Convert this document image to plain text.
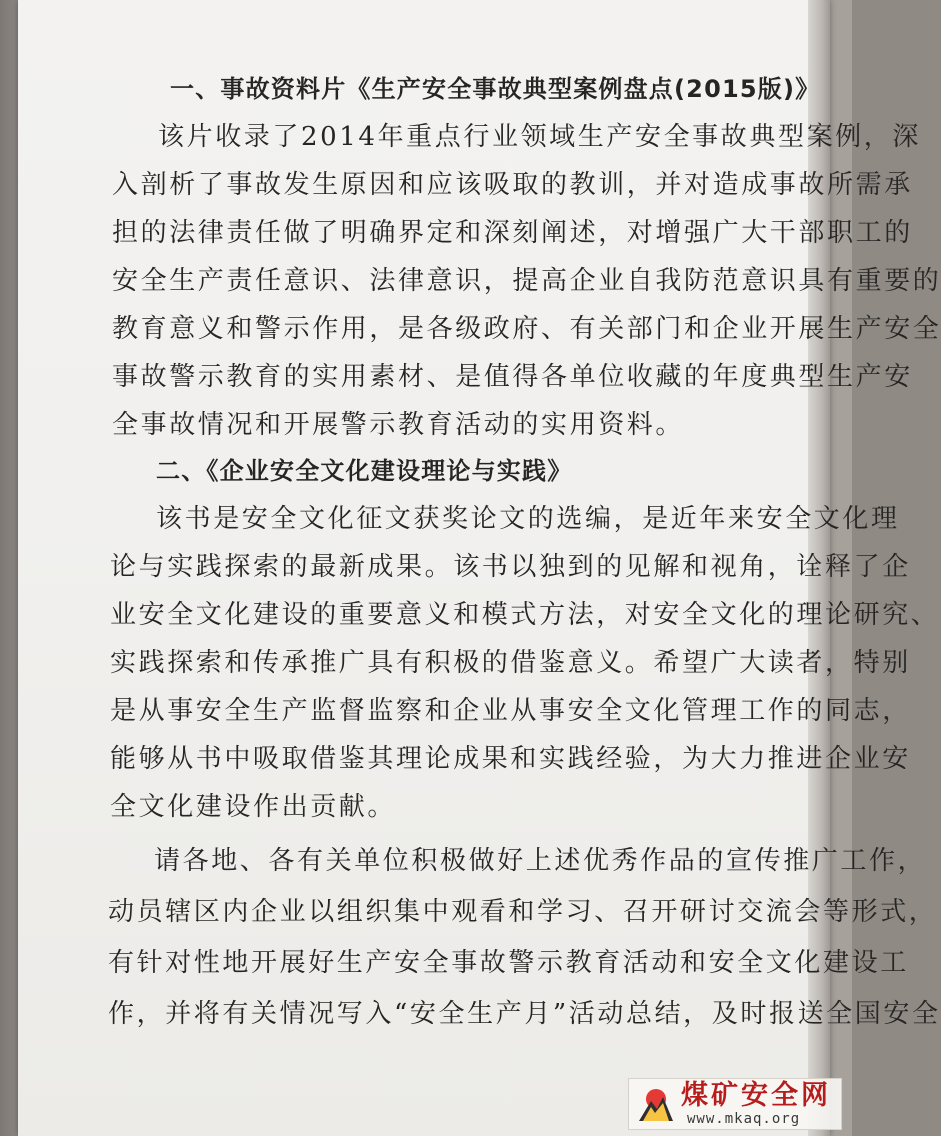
一、事故资料片《生产安全事故典型案例盘点(2015版)》
该片收录了2014年重点行业领域生产安全事故典型案例，深
入剖析了事故发生原因和应该吸取的教训，并对造成事故所需承
担的法律责任做了明确界定和深刻阐述，对增强广大干部职工的
安全生产责任意识、法律意识，提高企业自我防范意识具有重要的
教育意义和警示作用，是各级政府、有关部门和企业开展生产安全
事故警示教育的实用素材、是值得各单位收藏的年度典型生产安
全事故情况和开展警示教育活动的实用资料。
二、《企业安全文化建设理论与实践》
该书是安全文化征文获奖论文的选编，是近年来安全文化理
论与实践探索的最新成果。该书以独到的见解和视角，诠释了企
业安全文化建设的重要意义和模式方法，对安全文化的理论研究、
实践探索和传承推广具有积极的借鉴意义。希望广大读者，特别
是从事安全生产监督监察和企业从事安全文化管理工作的同志，
能够从书中吸取借鉴其理论成果和实践经验，为大力推进企业安
全文化建设作出贡献。
请各地、各有关单位积极做好上述优秀作品的宣传推广工作，
动员辖区内企业以组织集中观看和学习、召开研讨交流会等形式，
有针对性地开展好生产安全事故警示教育活动和安全文化建设工
作，并将有关情况写入“安全生产月”活动总结，及时报送全国安全
煤矿安全网
www.mkaq.org
